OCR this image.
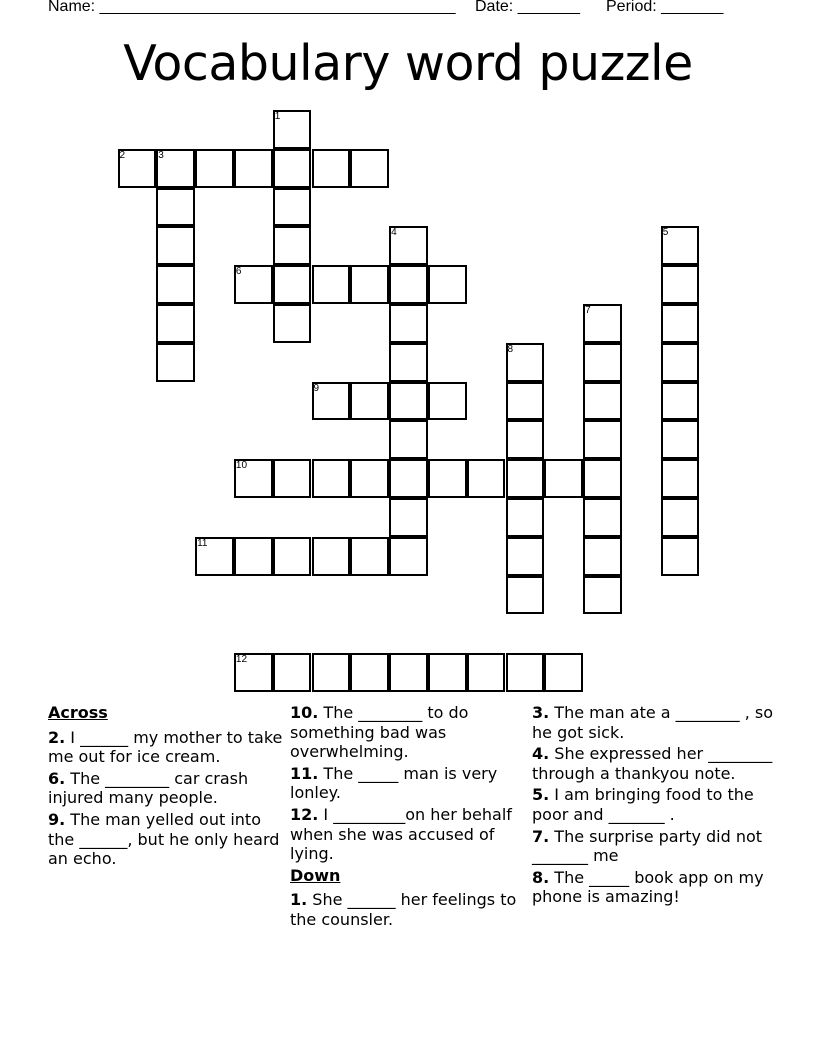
Name: ________________________________________ Date: _______ Period: _______
Vocabulary word puzzle
1
2	3
4	5
6
7
8
9
10
11
12
Across
2. I ______ my mother to take me out for ice cream.
6. The ________ car crash injured many people.
9. The man yelled out into the ______, but he only heard an echo.
10. The ________ to do something bad was overwhelming.
11. The _____ man is very lonley.
12. I _________on her behalf when she was accused of lying.
Down
1. She ______ her feelings to the counsler.
3. The man ate a ________ , so he got sick.
4. She expressed her ________ through a thankyou note.
5. I am bringing food to the poor and _______ .
7. The surprise party did not _______ me
8. The _____ book app on my phone is amazing!
